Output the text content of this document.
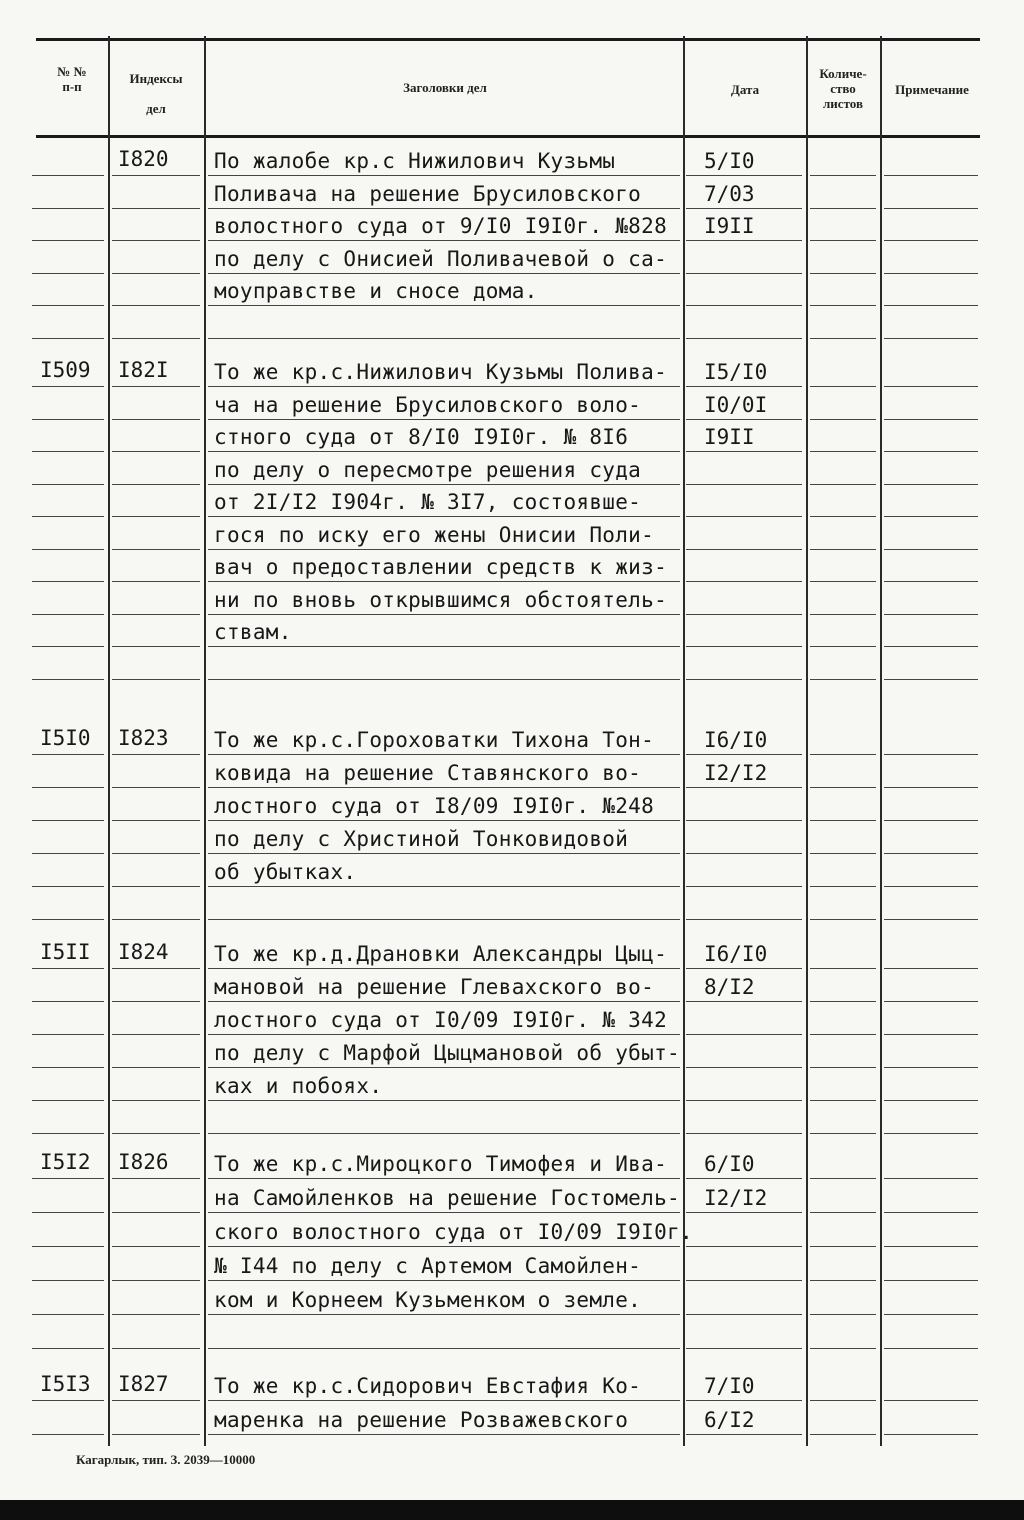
№ №
п-п
Индексы
дел
Заголовки дел	Дата
Количе-
ство
листов
Примечание
I820 По жалобе кр.с Нижилович Кузьмы
Поливача на решение Брусиловского
волостного суда от 9/I0 I9I0г. №828
по делу с Онисией Поливачевой о са-
моуправстве и сносе дома.
5/I0
7/03
I9II
I509 I82I То же кр.с.Нижилович Кузьмы Полива-
ча на решение Брусиловского воло-
стного суда от 8/I0 I9I0г. № 8I6
по делу о пересмотре решения суда
от 2I/I2 I904г. № 3I7, состоявше-
гося по иску его жены Онисии Поли-
вач о предоставлении средств к жиз-
ни по вновь открывшимся обстоятель-
ствам.
I5/I0
I0/0I
I9II
I5I0 I823 То же кр.с.Гороховатки Тихона Тон-
ковида на решение Ставянского во-
лостного суда от I8/09 I9I0г. №248
по делу с Христиной Тонковидовой
об убытках.
I6/I0
I2/I2
I5II I824 То же кр.д.Драновки Александры Цыц-
мановой на решение Глевахского во-
лостного суда от I0/09 I9I0г. № 342
по делу с Марфой Цыцмановой об убыт-
ках и побоях.
I6/I0
8/I2
I5I2 I826 То же кр.с.Мироцкого Тимофея и Ива-
на Самойленков на решение Гостомель-
ского волостного суда от I0/09 I9I0г.
№ I44 по делу с Артемом Самойлен-
ком и Корнеем Кузьменком о земле.
6/I0
I2/I2
I5I3 I827 То же кр.с.Сидорович Евстафия Ко-
маренка на решение Розважевского
7/I0
6/I2
Кагарлык, тип. З. 2039—10000
